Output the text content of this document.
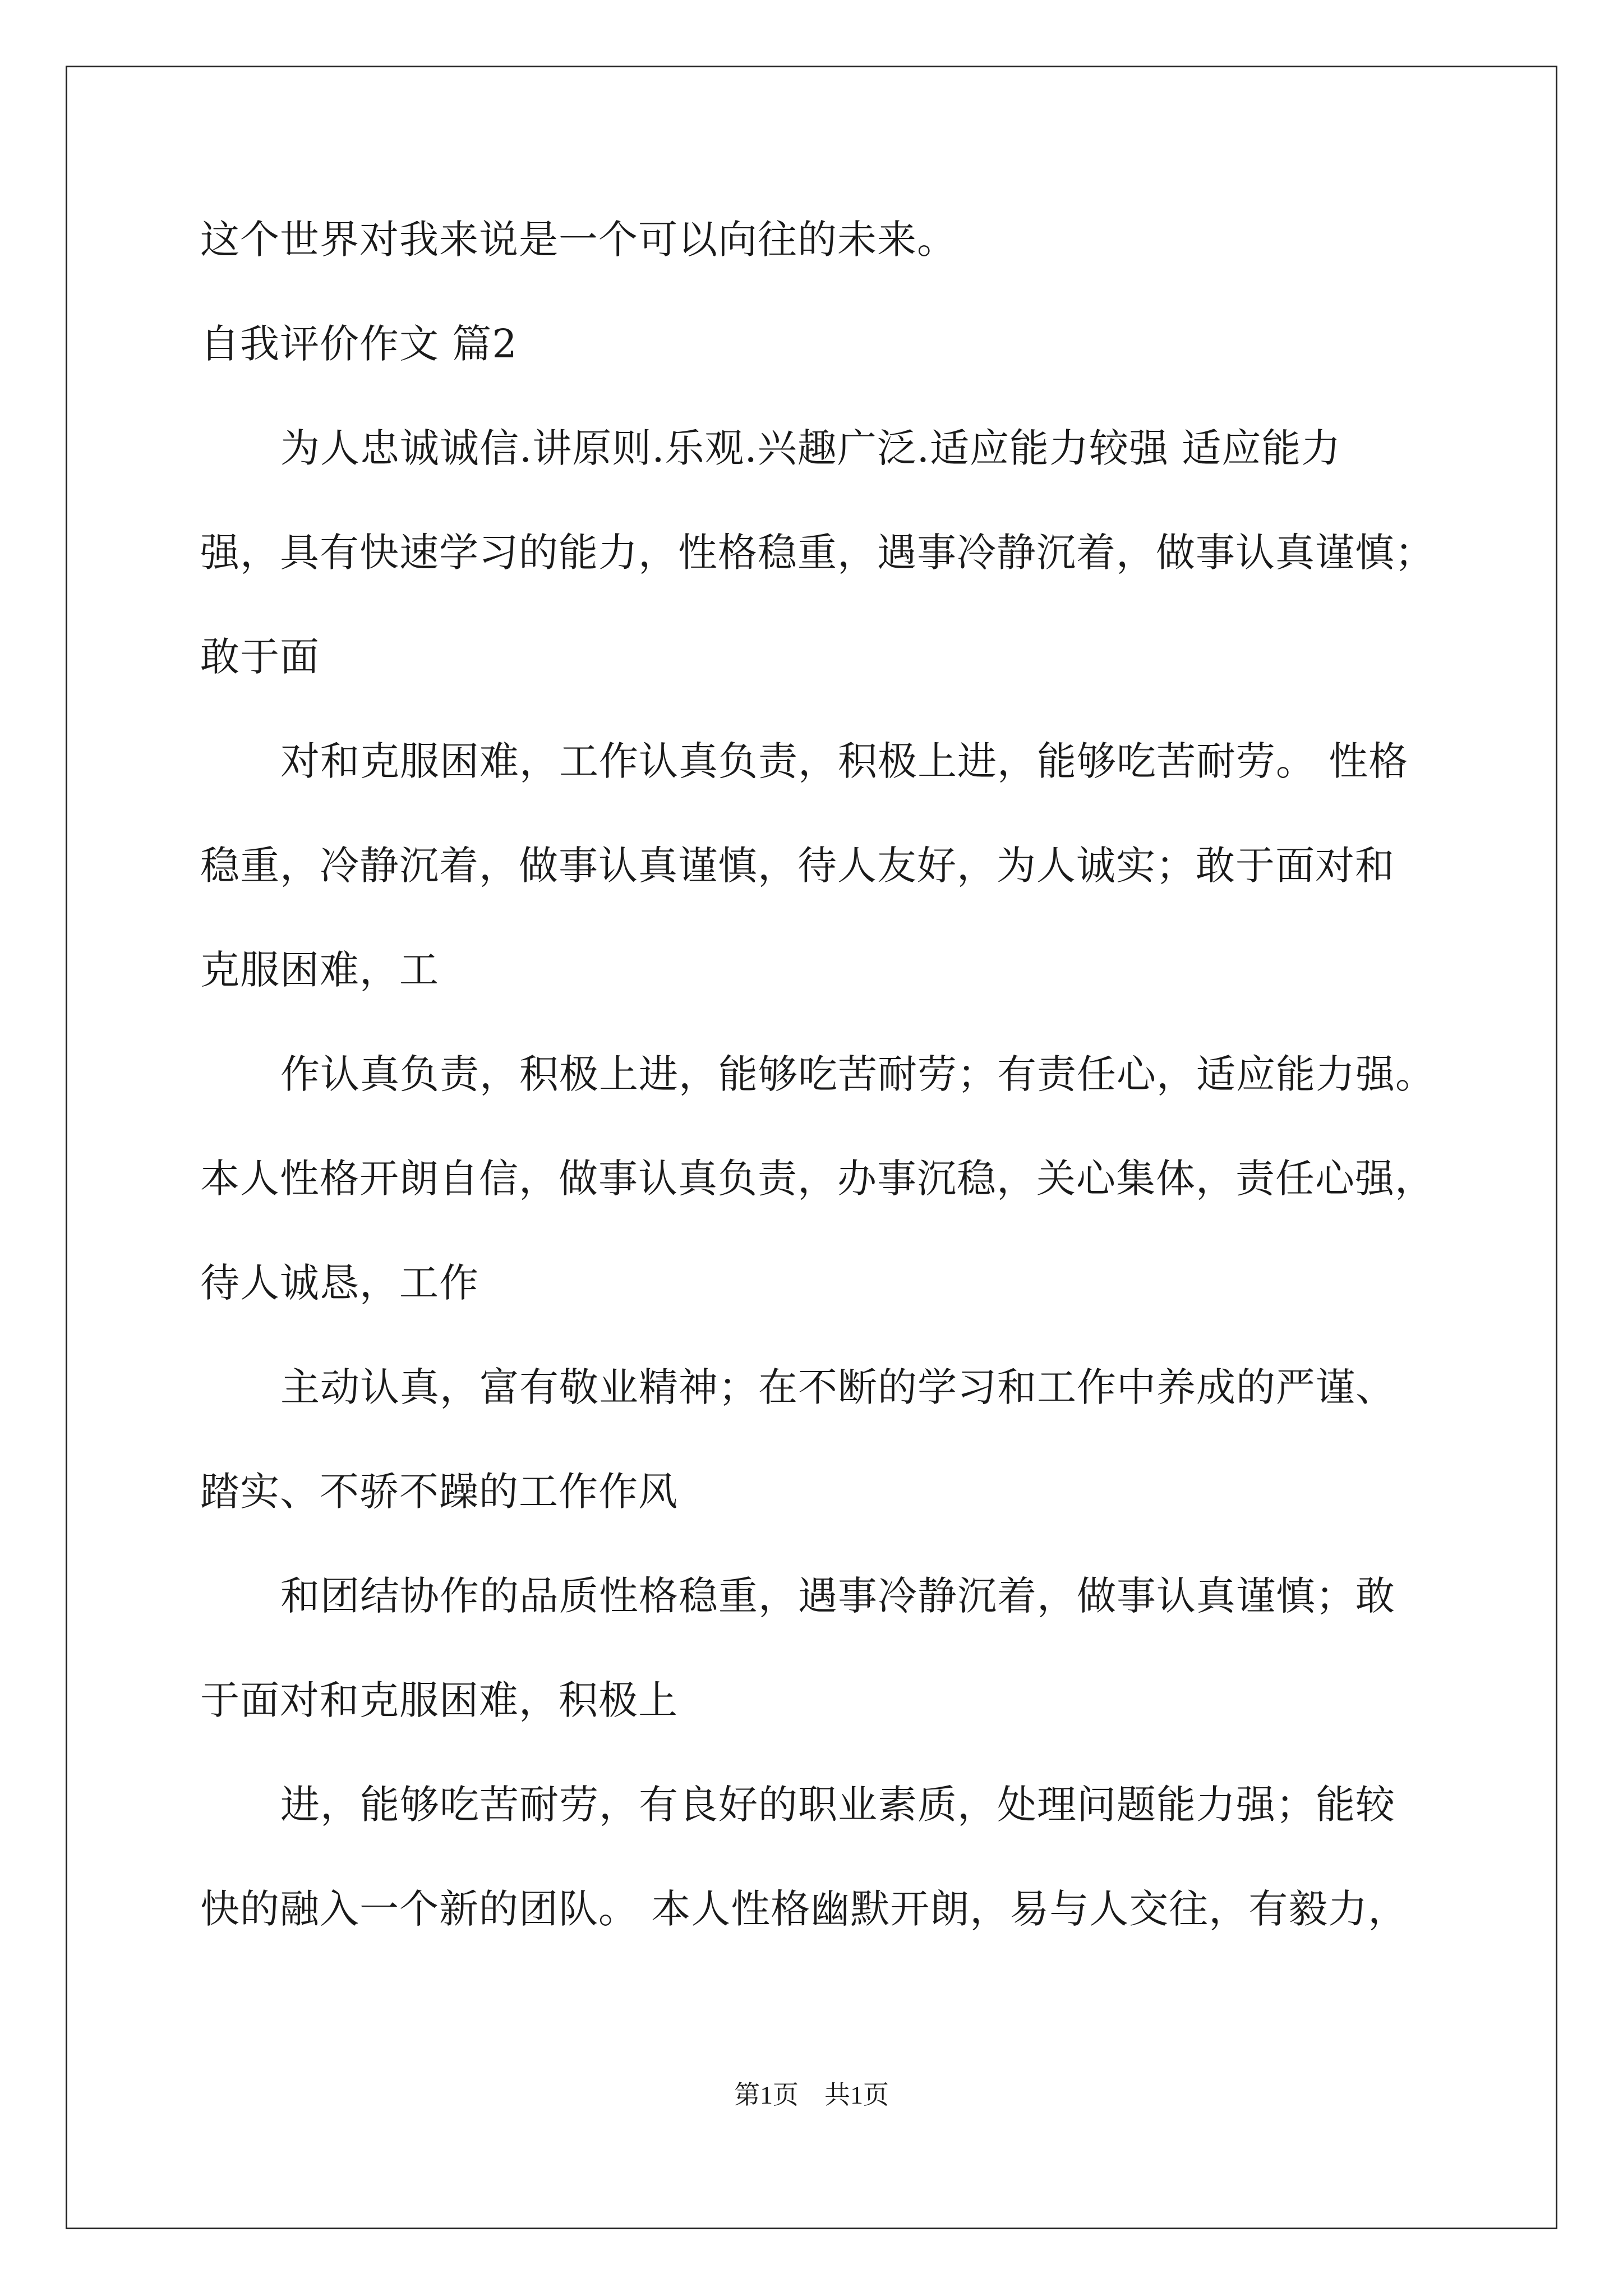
这个世界对我来说是一个可以向往的未来。
自我评价作文 篇2
为人忠诚诚信.讲原则.乐观.兴趣广泛.适应能力较强 适应能力
强，具有快速学习的能力，性格稳重，遇事冷静沉着，做事认真谨慎；
敢于面
对和克服困难，工作认真负责，积极上进，能够吃苦耐劳。 性格
稳重，冷静沉着，做事认真谨慎，待人友好，为人诚实；敢于面对和
克服困难，工
作认真负责，积极上进，能够吃苦耐劳；有责任心，适应能力强。
本人性格开朗自信，做事认真负责，办事沉稳，关心集体，责任心强，
待人诚恳，工作
主动认真，富有敬业精神；在不断的学习和工作中养成的严谨、
踏实、不骄不躁的工作作风
和团结协作的品质性格稳重，遇事冷静沉着，做事认真谨慎；敢
于面对和克服困难，积极上
进，能够吃苦耐劳，有良好的职业素质，处理问题能力强；能较
快的融入一个新的团队。 本人性格幽默开朗，易与人交往，有毅力，
第1页 共1页
